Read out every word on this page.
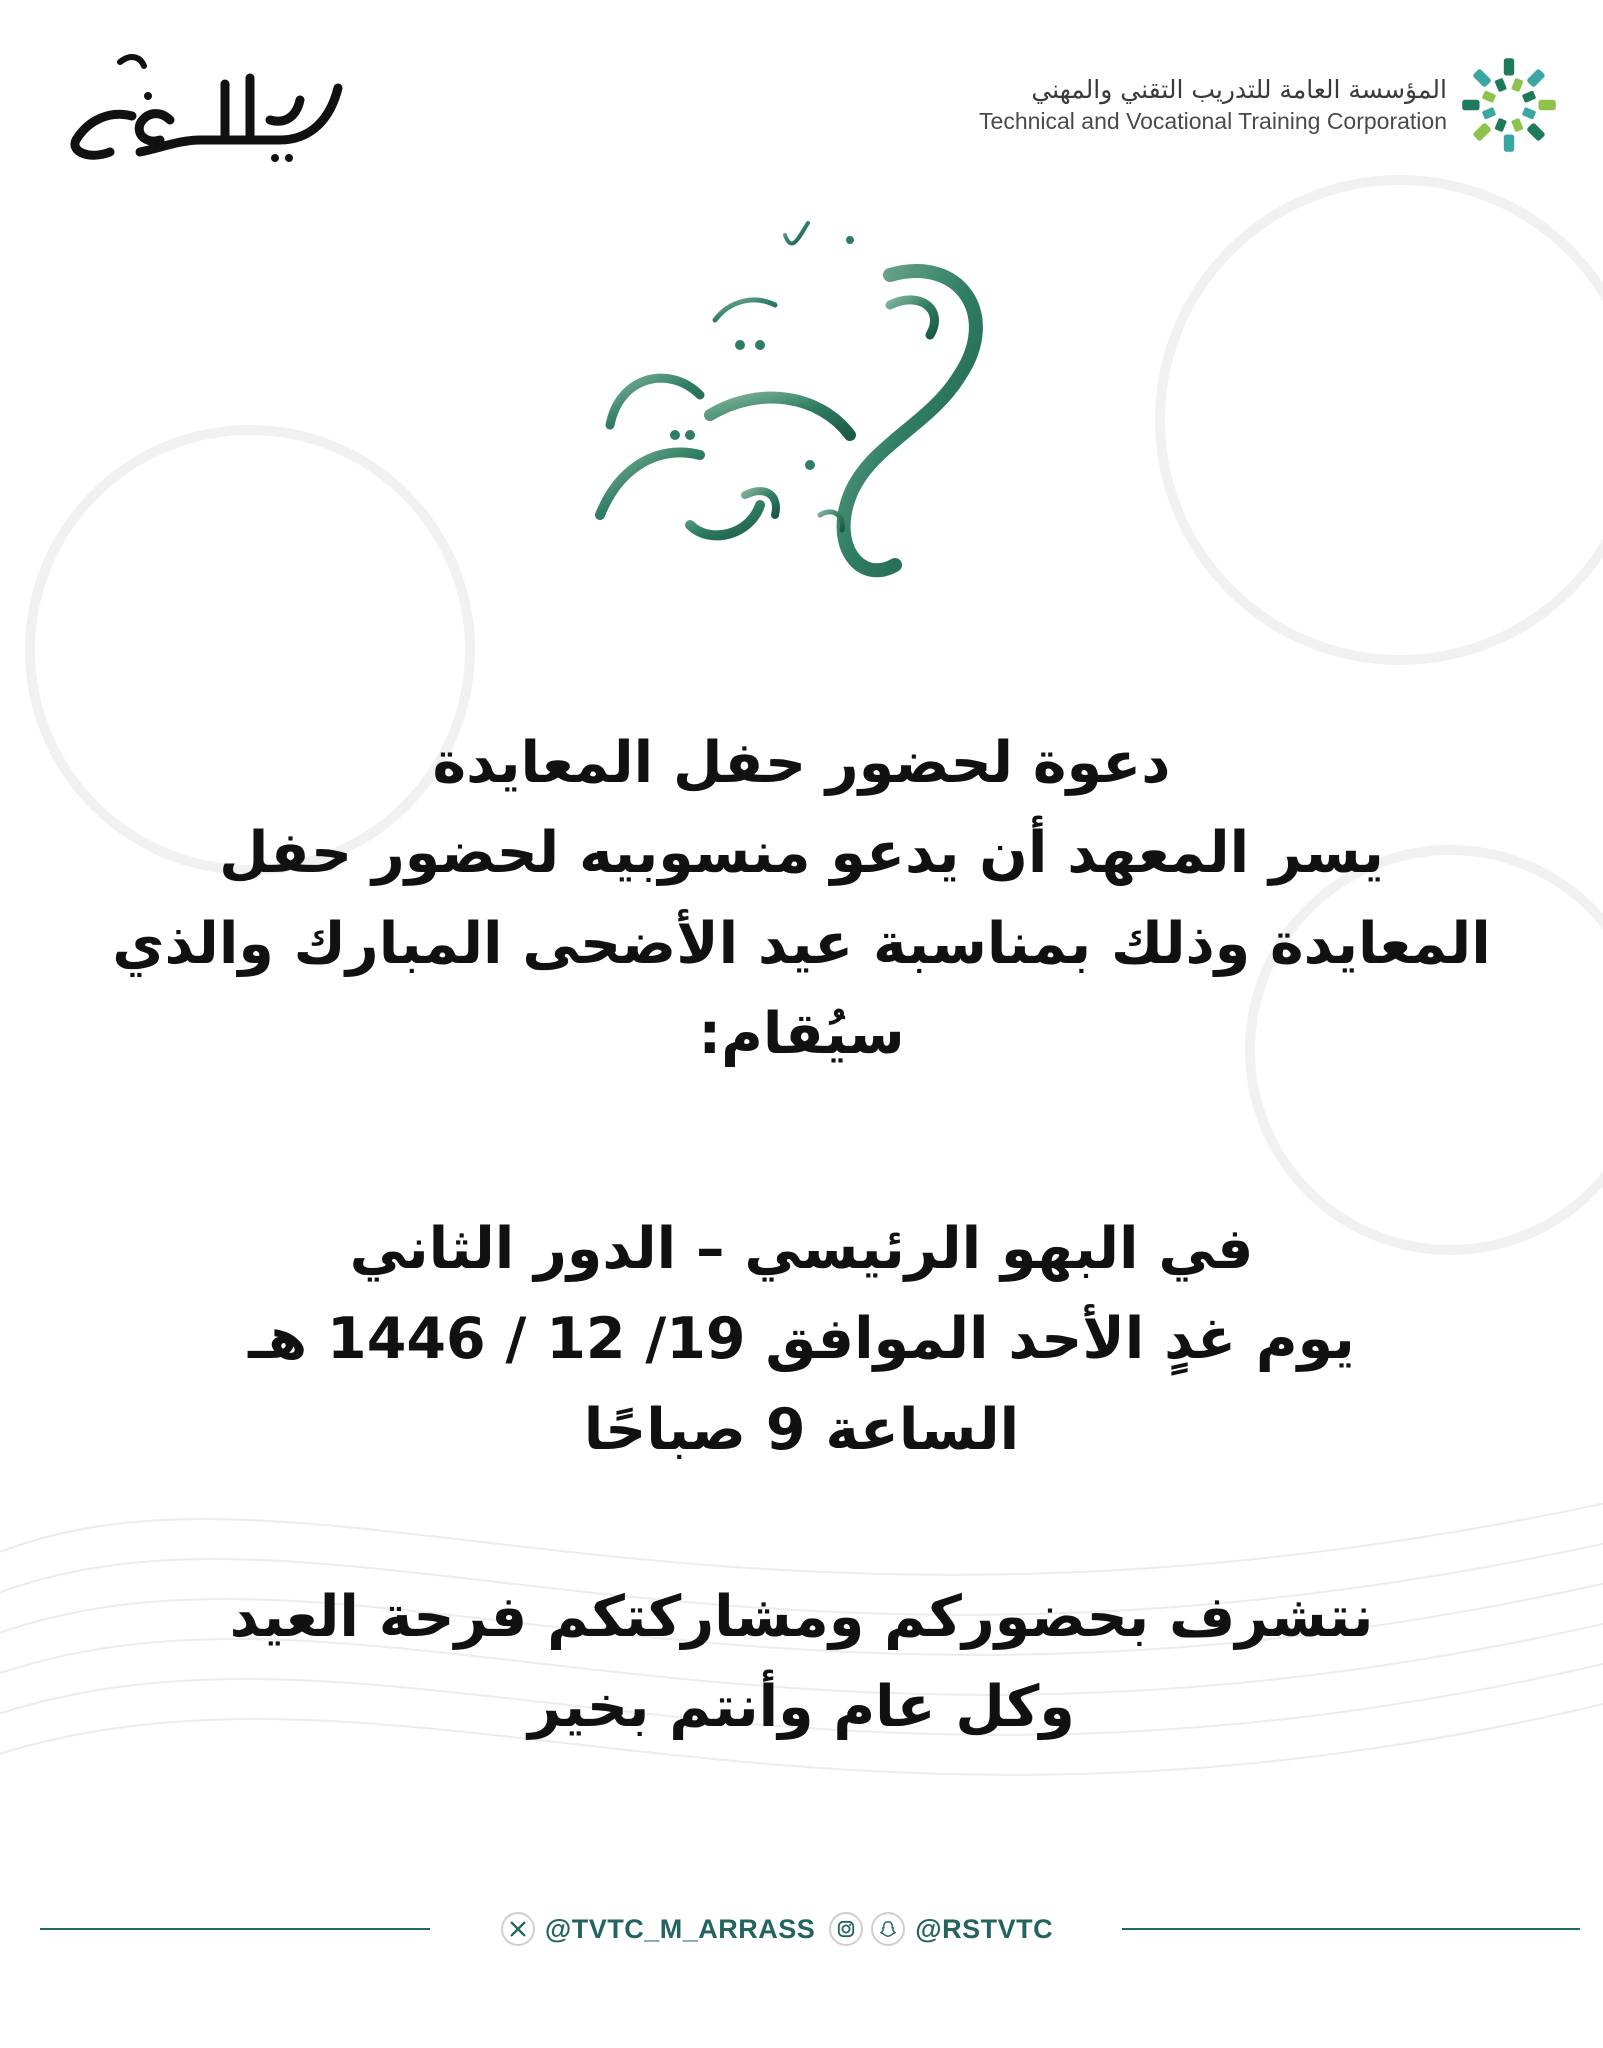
المؤسسة العامة للتدريب التقني والمهني
Technical and Vocational Training Corporation
دعوة لحضور حفل المعايدة
يسر المعهد أن يدعو منسوبيه لحضور حفل
المعايدة وذلك بمناسبة عيد الأضحى المبارك والذي
سيُقام:
في البهو الرئيسي – الدور الثاني
يوم غدٍ الأحد الموافق 19/ 12 / 1446 هـ
الساعة 9 صباحًا
نتشرف بحضوركم ومشاركتكم فرحة العيد
وكل عام وأنتم بخير
@TVTC_M_ARRASS	@RSTVTC
